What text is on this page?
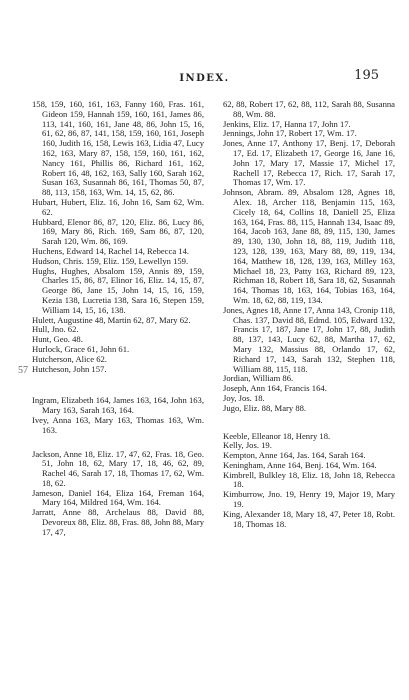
INDEX.	195
57

158, 159, 160, 161, 163, Fanny 160, Fras. 161, Gideon 159, Hannah 159, 160, 161, James 86, 113, 141, 160, 161, Jane 48, 86, John 15, 16, 61, 62, 86, 87, 141, 158, 159, 160, 161, Joseph 160, Judith 16, 158, Lewis 163, Lidia 47, Lucy 162, 163, Mary 87, 158, 159, 160, 161, 162, Nancy 161, Phillis 86, Richard 161, 162, Robert 16, 48, 162, 163, Sally 160, Sarah 162, Susan 163, Susannah 86, 161, Thomas 50, 87, 88, 113, 158, 163, Wm. 14, 15, 62, 86.

Hubart, Hubert, Eliz. 16, John 16, Sam 62, Wm. 62.

Hubbard, Elenor 86, 87, 120, Eliz. 86, Lucy 86, 169, Mary 86, Rich. 169, Sam 86, 87, 120, Sarah 120, Wm. 86, 169.

Huchens, Edward 14, Rachel 14, Rebecca 14.

Hudson, Chris. 159, Eliz. 159, Lewellyn 159.

Hughs, Hughes, Absalom 159, Annis 89, 159, Charles 15, 86, 87, Elinor 16, Eliz. 14, 15, 87, George 86, Jane 15, John 14, 15, 16, 159, Kezia 138, Lucretia 138, Sara 16, Stepen 159, William 14, 15, 16, 138.

Hulett, Augustine 48, Martin 62, 87, Mary 62.

Hull, Jno. 62.

Hunt, Geo. 48.

Hurlock, Grace 61, John 61.

Hutcherson, Alice 62.

Hutcheson, John 157.

Ingram, Elizabeth 164, James 163, 164, John 163, Mary 163, Sarah 163, 164.

Ivey, Anna 163, Mary 163, Thomas 163, Wm. 163.

Jackson, Anne 18, Eliz. 17, 47, 62, Fras. 18, Geo. 51, John 18, 62, Mary 17, 18, 46, 62, 89, Rachel 46, Sarah 17, 18, Thomas 17, 62, Wm. 18, 62.

Jameson, Daniel 164, Eliza 164, Freman 164, Mary 164, Mildred 164, Wm. 164.

Jarratt, Anne 88, Archelaus 88, David 88, Devoreux 88, Eliz. 88, Fras. 88, John 88, Mary 17, 47,

62, 88, Robert 17, 62, 88, 112, Sarah 88, Susanna 88, Wm. 88.

Jenkins, Eliz. 17, Hanna 17, John 17.

Jennings, John 17, Robert 17, Wm. 17.

Jones, Anne 17, Anthony 17, Benj. 17, Deborah 17, Ed. 17, Elizabeth 17, George 16, Jane 16, John 17, Mary 17, Massie 17, Michel 17, Rachell 17, Rebecca 17, Rich. 17, Sarah 17, Thomas 17, Wm. 17.

Johnson, Abram. 89, Absalom 128, Agnes 18, Alex. 18, Archer 118, Benjamin 115, 163, Cicely 18, 64, Collins 18, Daniell 25, Eliza 163, 164, Fras. 88, 115, Hannah 134, Isaac 89, 164, Jacob 163, Jane 88, 89, 115, 130, James 89, 130, 130, John 18, 88, 119, Judith 118, 123, 128, 139, 163, Mary 88, 89, 119, 134, 164, Matthew 18, 128, 139, 163, Milley 163, Michael 18, 23, Patty 163, Richard 89, 123, Richman 18, Robert 18, Sara 18, 62, Susannah 164, Thomas 18, 163, 164, Tobias 163, 164, Wm. 18, 62, 88, 119, 134.

Jones, Agnes 18, Anne 17, Anna 143, Cronip 118, Chas. 137, David 88, Edmd. 105, Edward 132, Francis 17, 187, Jane 17, John 17, 88, Judith 88, 137, 143, Lucy 62, 88, Martha 17, 62, Mary 132, Massius 88, Orlando 17, 62, Richard 17, 143, Sarah 132, Stephen 118, William 88, 115, 118.

Jordian, William 86.

Joseph, Ann 164, Francis 164.

Joy, Jos. 18.

Jugo, Eliz. 88, Mary 88.

Keeble, Elleanor 18, Henry 18.

Kelly, Jos. 19.

Kempton, Anne 164, Jas. 164, Sarah 164.

Keningham, Anne 164, Benj. 164, Wm. 164.

Kimbrell, Bulkley 18, Eliz. 18, John 18, Rebecca 18.

Kimburrow, Jno. 19, Henry 19, Major 19, Mary 19.

King, Alexander 18, Mary 18, 47, Peter 18, Robt. 18, Thomas 18.
